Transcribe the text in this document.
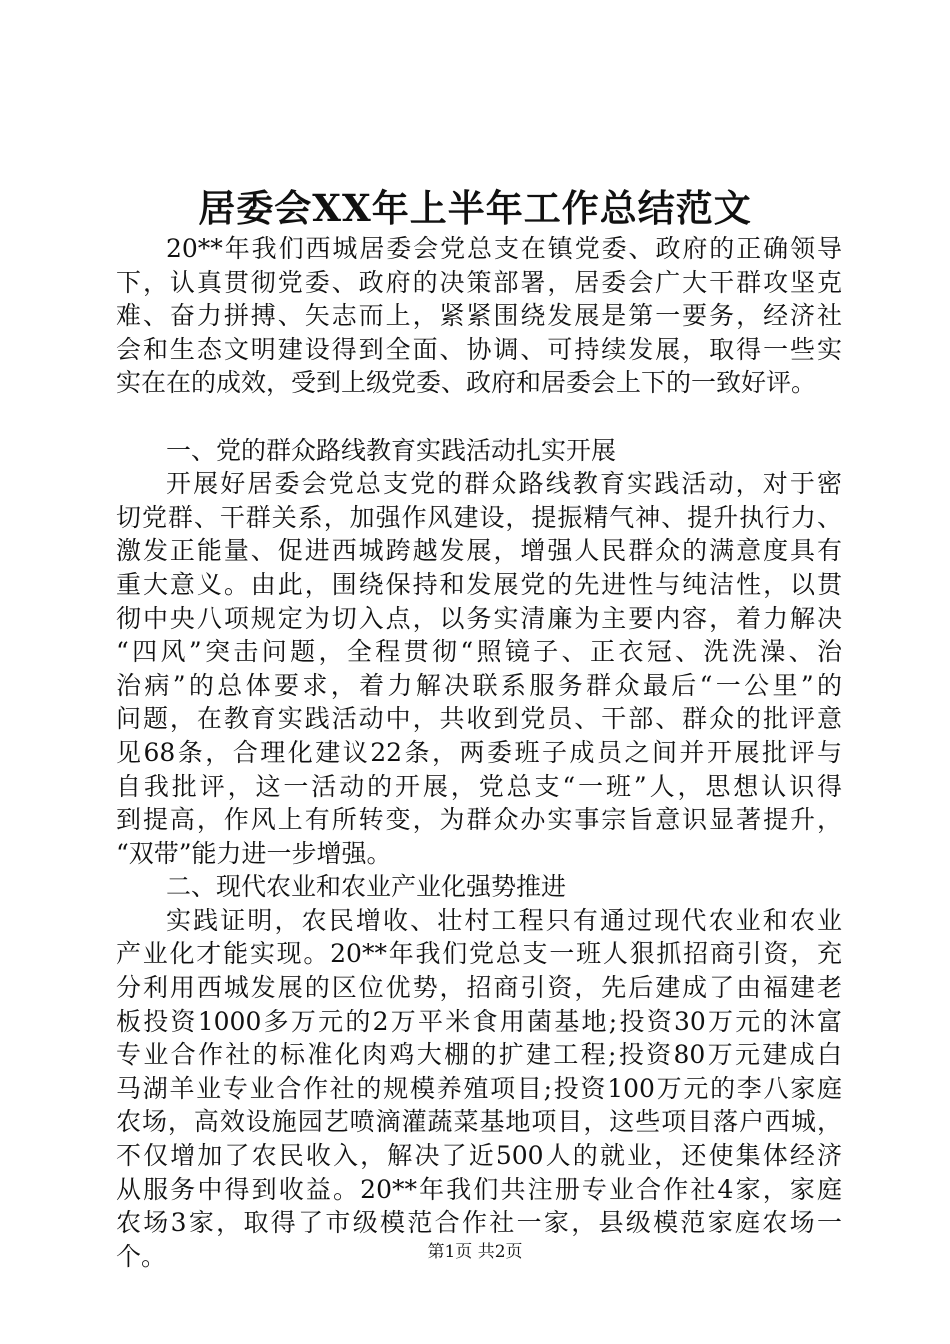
居委会XX年上半年工作总结范文
20**年我们西城居委会党总支在镇党委、政府的正确领导
下，认真贯彻党委、政府的决策部署，居委会广大干群攻坚克
难、奋力拼搏、矢志而上，紧紧围绕发展是第一要务，经济社
会和生态文明建设得到全面、协调、可持续发展，取得一些实
实在在的成效，受到上级党委、政府和居委会上下的一致好评。
一、党的群众路线教育实践活动扎实开展
开展好居委会党总支党的群众路线教育实践活动，对于密
切党群、干群关系，加强作风建设，提振精气神、提升执行力、
激发正能量、促进西城跨越发展，增强人民群众的满意度具有
重大意义。由此，围绕保持和发展党的先进性与纯洁性，以贯
彻中央八项规定为切入点，以务实清廉为主要内容，着力解决
“四风”突击问题，全程贯彻“照镜子、正衣冠、洗洗澡、治
治病”的总体要求，着力解决联系服务群众最后“一公里”的
问题，在教育实践活动中，共收到党员、干部、群众的批评意
见68条，合理化建议22条，两委班子成员之间并开展批评与
自我批评，这一活动的开展，党总支“一班”人，思想认识得
到提高，作风上有所转变，为群众办实事宗旨意识显著提升，
“双带”能力进一步增强。
二、现代农业和农业产业化强势推进
实践证明，农民增收、壮村工程只有通过现代农业和农业
产业化才能实现。20**年我们党总支一班人狠抓招商引资，充
分利用西城发展的区位优势，招商引资，先后建成了由福建老
板投资1000多万元的2万平米食用菌基地;投资30万元的沐富
专业合作社的标准化肉鸡大棚的扩建工程;投资80万元建成白
马湖羊业专业合作社的规模养殖项目;投资100万元的李八家庭
农场，高效设施园艺喷滴灌蔬菜基地项目，这些项目落户西城，
不仅增加了农民收入，解决了近500人的就业，还使集体经济
从服务中得到收益。20**年我们共注册专业合作社4家，家庭
农场3家，取得了市级模范合作社一家，县级模范家庭农场一
个。	第1页 共2页
